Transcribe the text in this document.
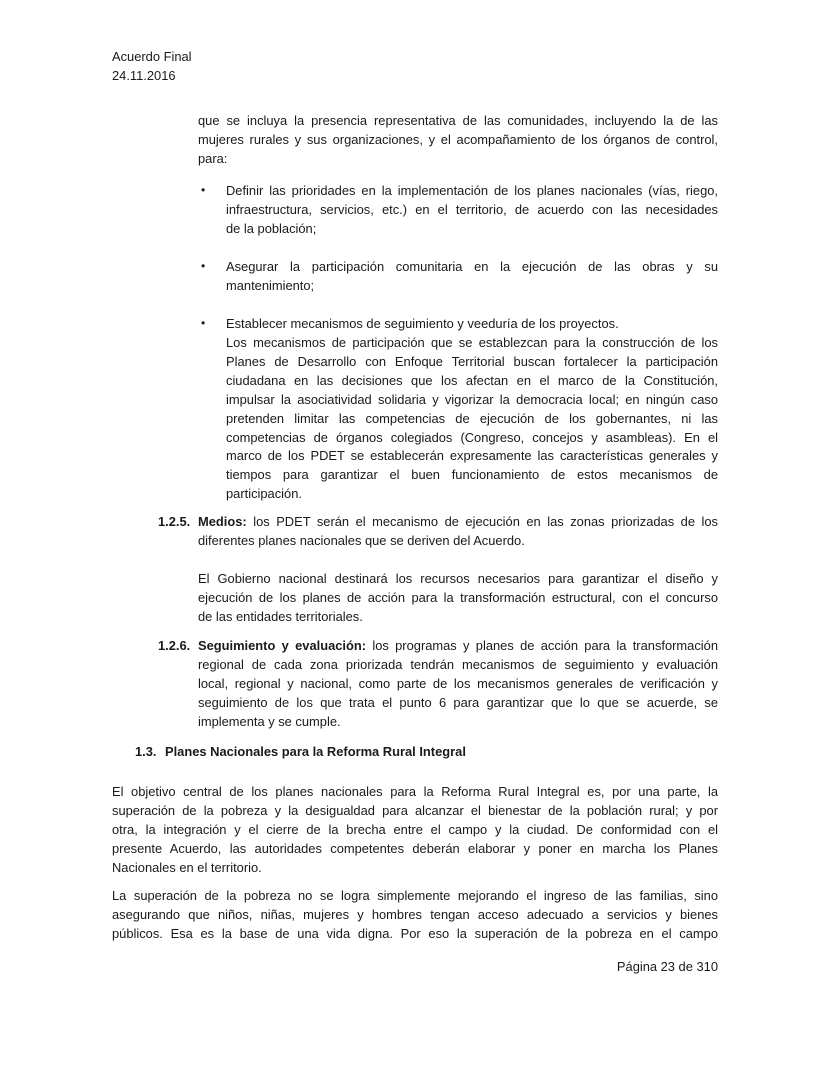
Acuerdo Final
24.11.2016
que se incluya la presencia representativa de las comunidades, incluyendo la de las
mujeres rurales y sus organizaciones, y el acompañamiento de los órganos de control,
para:
• Definir las prioridades en la implementación de los planes nacionales (vías, riego,
infraestructura, servicios, etc.) en el territorio, de acuerdo con las necesidades
de la población;
• Asegurar la participación comunitaria en la ejecución de las obras y su
mantenimiento;
• Establecer mecanismos de seguimiento y veeduría de los proyectos.
Los mecanismos de participación que se establezcan para la construcción de los
Planes de Desarrollo con Enfoque Territorial buscan fortalecer la participación
ciudadana en las decisiones que los afectan en el marco de la Constitución,
impulsar la asociatividad solidaria y vigorizar la democracia local; en ningún caso
pretenden limitar las competencias de ejecución de los gobernantes, ni las
competencias de órganos colegiados (Congreso, concejos y asambleas). En el
marco de los PDET se establecerán expresamente las características generales y
tiempos para garantizar el buen funcionamiento de estos mecanismos de
participación.
1.2.5. Medios: los PDET serán el mecanismo de ejecución en las zonas priorizadas de los
diferentes planes nacionales que se deriven del Acuerdo.
El Gobierno nacional destinará los recursos necesarios para garantizar el diseño y
ejecución de los planes de acción para la transformación estructural, con el concurso
de las entidades territoriales.
1.2.6. Seguimiento y evaluación: los programas y planes de acción para la transformación
regional de cada zona priorizada tendrán mecanismos de seguimiento y evaluación
local, regional y nacional, como parte de los mecanismos generales de verificación y
seguimiento de los que trata el punto 6 para garantizar que lo que se acuerde, se
implementa y se cumple.
1.3. Planes Nacionales para la Reforma Rural Integral
El objetivo central de los planes nacionales para la Reforma Rural Integral es, por una parte, la
superación de la pobreza y la desigualdad para alcanzar el bienestar de la población rural; y por
otra, la integración y el cierre de la brecha entre el campo y la ciudad. De conformidad con el
presente Acuerdo, las autoridades competentes deberán elaborar y poner en marcha los Planes
Nacionales en el territorio.
La superación de la pobreza no se logra simplemente mejorando el ingreso de las familias, sino
asegurando que niños, niñas, mujeres y hombres tengan acceso adecuado a servicios y bienes
públicos. Esa es la base de una vida digna. Por eso la superación de la pobreza en el campo
Página 23 de 310
